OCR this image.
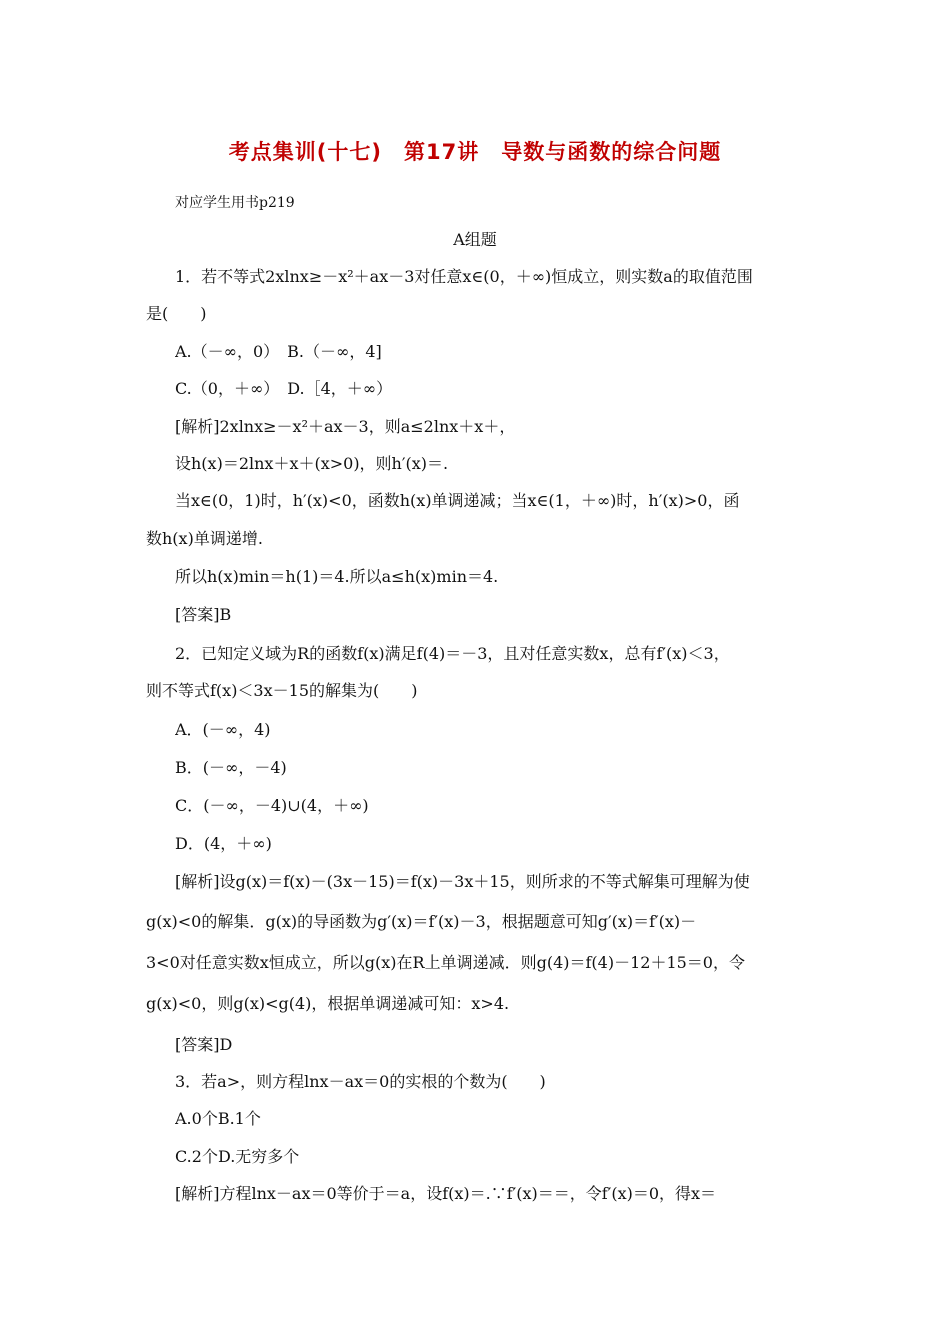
考点集训(十七)　第17讲　导数与函数的综合问题
对应学生用书p219
A组题
1．若不等式2xlnx≥－x²＋ax－3对任意x∈(0，＋∞)恒成立，则实数a的取值范围
是(　　)
A.（－∞，0）　B.（－∞，4]
C.（0，＋∞）　D.［4，＋∞）
[解析]2xlnx≥－x²＋ax－3，则a≤2lnx＋x＋，
设h(x)＝2lnx＋x＋(x>0)，则h′(x)＝.
当x∈(0，1)时，h′(x)<0，函数h(x)单调递减；当x∈(1，＋∞)时，h′(x)>0，函
数h(x)单调递增.
所以h(x)min＝h(1)＝4.所以a≤h(x)min＝4.
[答案]B
2．已知定义域为R的函数f(x)满足f(4)＝－3，且对任意实数x，总有f′(x)＜3，
则不等式f(x)＜3x－15的解集为(　　)
A．(－∞，4)
B．(－∞，－4)
C．(－∞，－4)∪(4，＋∞)
D．(4，＋∞)
[解析]设g(x)＝f(x)－(3x－15)＝f(x)－3x＋15，则所求的不等式解集可理解为使
g(x)<0的解集．g(x)的导函数为g′(x)＝f′(x)－3，根据题意可知g′(x)＝f′(x)－
3<0对任意实数x恒成立，所以g(x)在R上单调递减．则g(4)＝f(4)－12＋15＝0，令
g(x)<0，则g(x)<g(4)，根据单调递减可知：x>4.
[答案]D
3．若a>，则方程lnx－ax＝0的实根的个数为(　　)
A.0个B.1个
C.2个D.无穷多个
[解析]方程lnx－ax＝0等价于＝a，设f(x)＝.∵f′(x)＝＝，令f′(x)＝0，得x＝
